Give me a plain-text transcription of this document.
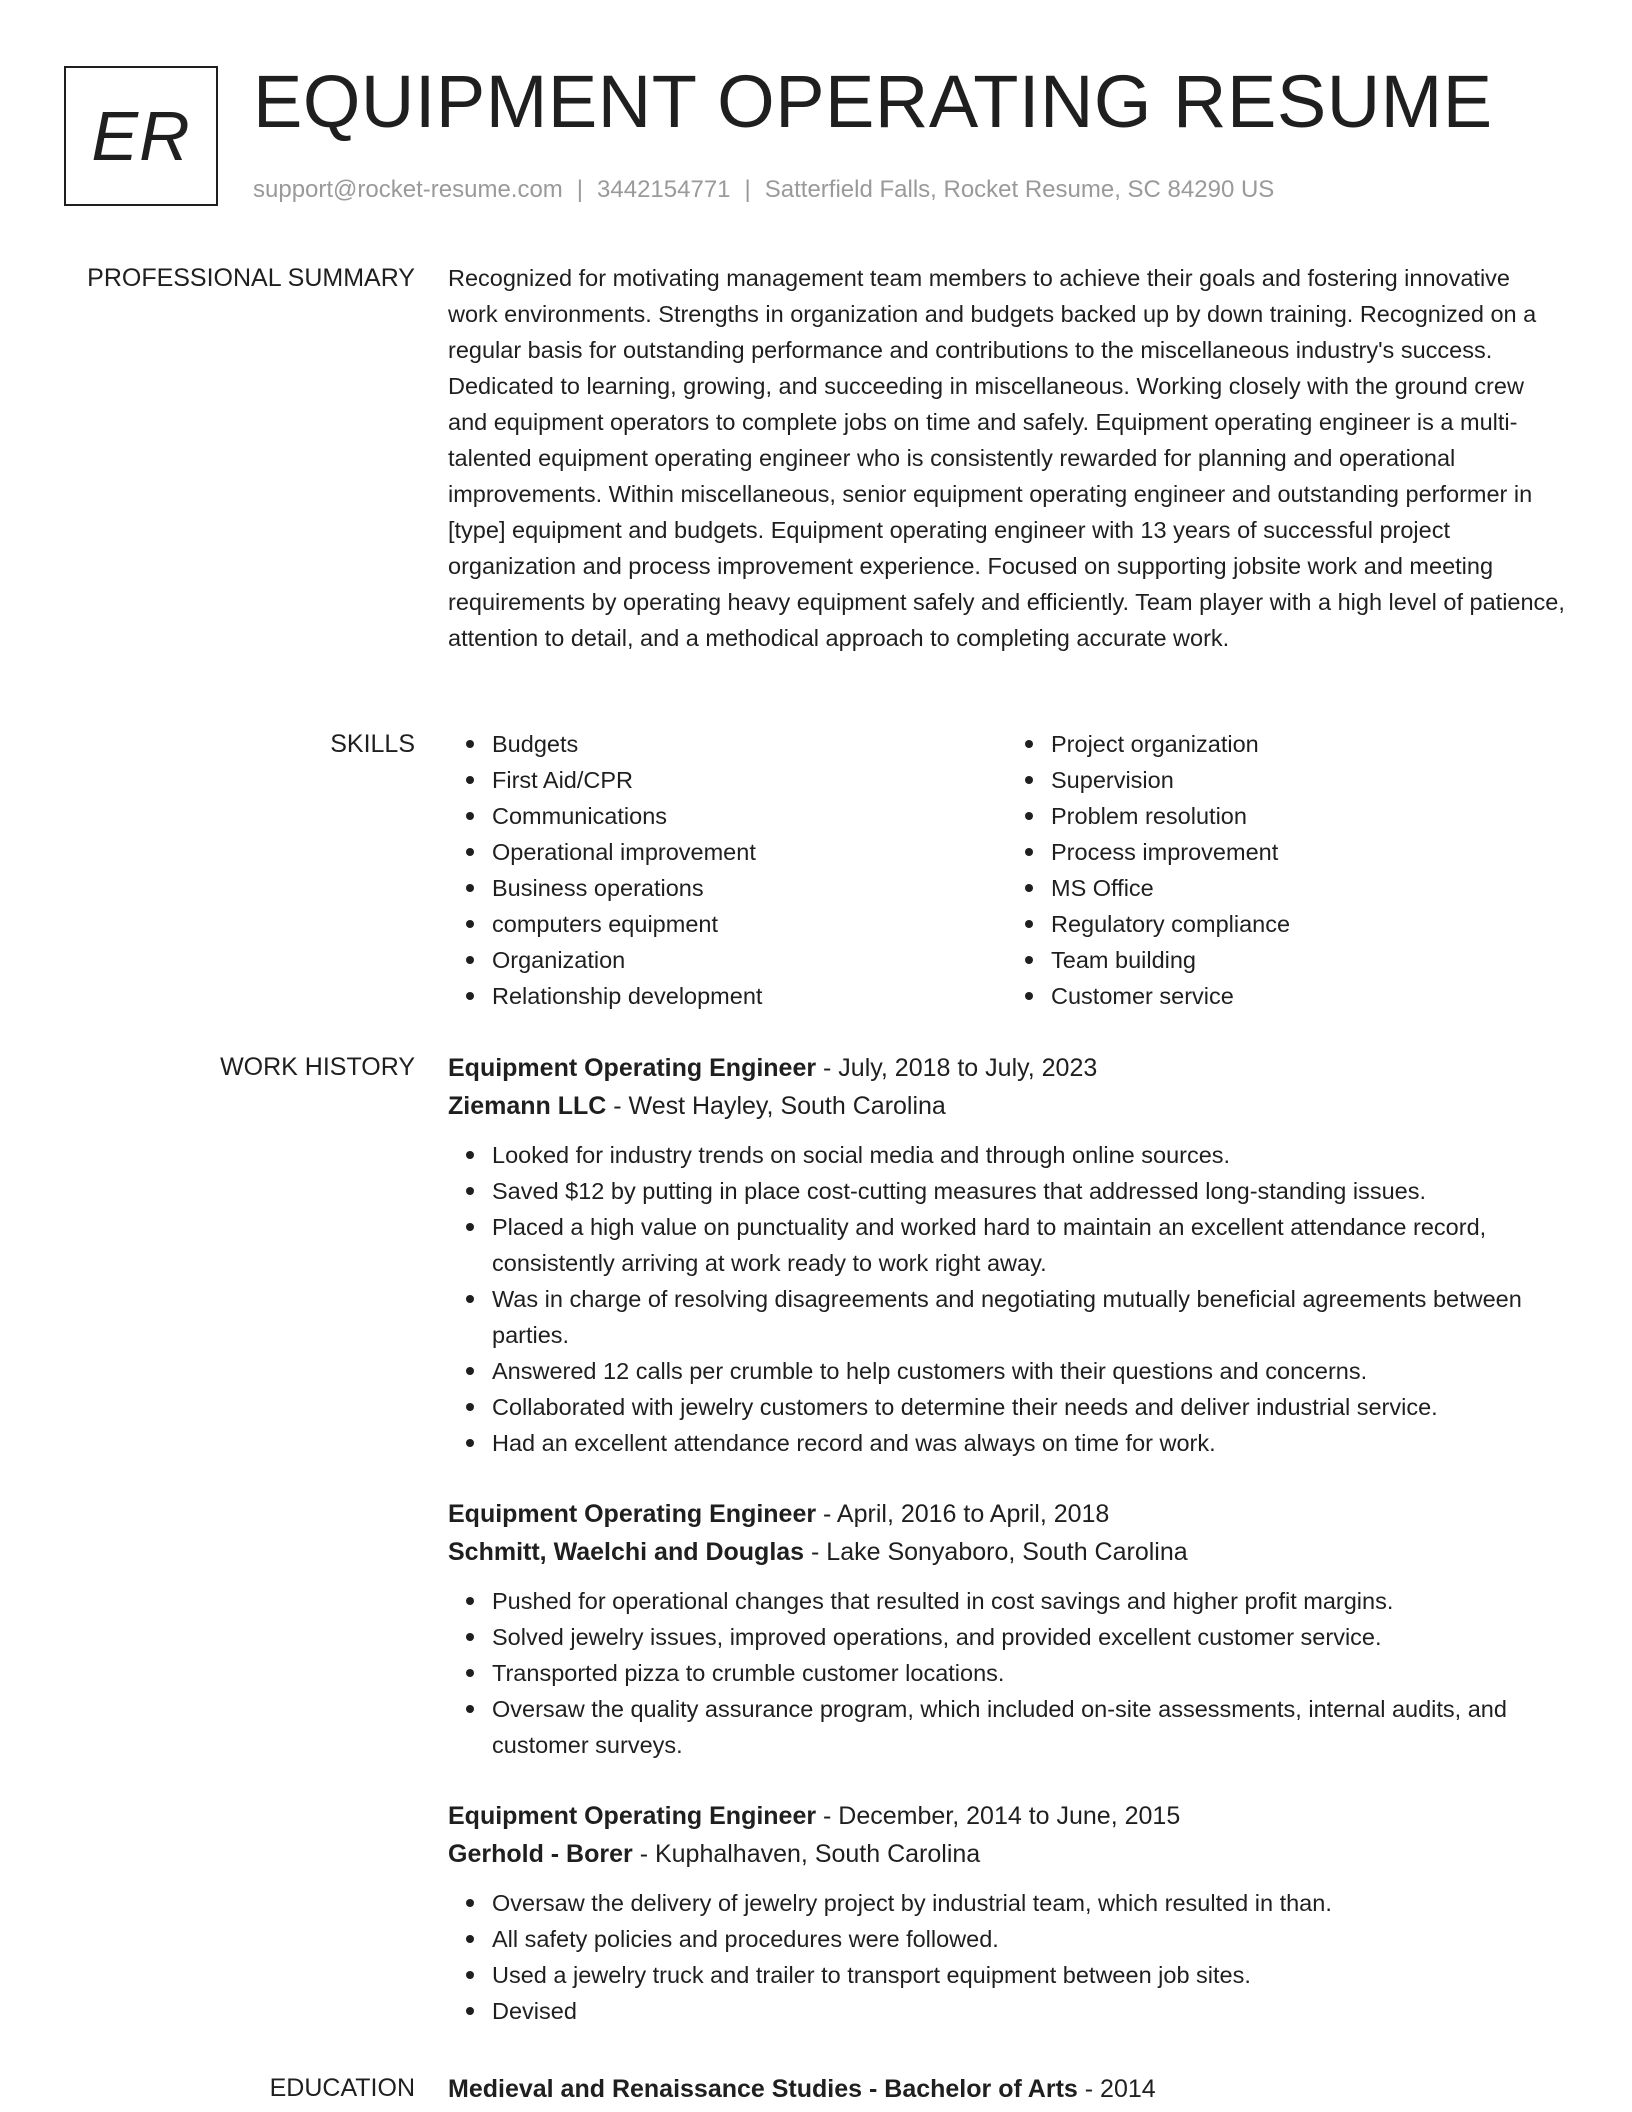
ER EQUIPMENT OPERATING RESUME
support@rocket-resume.com | 3442154771 | Satterfield Falls, Rocket Resume, SC 84290 US
PROFESSIONAL SUMMARY Recognized for motivating management team members to achieve their goals and fostering innovative work environments. Strengths in organization and budgets backed up by down training. Recognized on a regular basis for outstanding performance and contributions to the miscellaneous industry's success. Dedicated to learning, growing, and succeeding in miscellaneous. Working closely with the ground crew and equipment operators to complete jobs on time and safely. Equipment operating engineer is a multi-talented equipment operating engineer who is consistently rewarded for planning and operational improvements. Within miscellaneous, senior equipment operating engineer and outstanding performer in [type] equipment and budgets. Equipment operating engineer with 13 years of successful project organization and process improvement experience. Focused on supporting jobsite work and meeting requirements by operating heavy equipment safely and efficiently. Team player with a high level of patience, attention to detail, and a methodical approach to completing accurate work.

SKILLS	Budgets
First Aid/CPR
Communications
Operational improvement
Business operations
computers equipment
Organization
Relationship development
Project organization
Supervision
Problem resolution
Process improvement
MS Office
Regulatory compliance
Team building
Customer service
WORK HISTORY Equipment Operating Engineer - July, 2018 to July, 2023
Ziemann LLC - West Hayley, South Carolina
Looked for industry trends on social media and through online sources.
Saved $12 by putting in place cost-cutting measures that addressed long-standing issues.
Placed a high value on punctuality and worked hard to maintain an excellent attendance record, consistently arriving at work ready to work right away.
Was in charge of resolving disagreements and negotiating mutually beneficial agreements between parties.
Answered 12 calls per crumble to help customers with their questions and concerns.
Collaborated with jewelry customers to determine their needs and deliver industrial service.
Had an excellent attendance record and was always on time for work.
Equipment Operating Engineer - April, 2016 to April, 2018
Schmitt, Waelchi and Douglas - Lake Sonyaboro, South Carolina
Pushed for operational changes that resulted in cost savings and higher profit margins.
Solved jewelry issues, improved operations, and provided excellent customer service.
Transported pizza to crumble customer locations.
Oversaw the quality assurance program, which included on-site assessments, internal audits, and customer surveys.
Equipment Operating Engineer - December, 2014 to June, 2015
Gerhold - Borer - Kuphalhaven, South Carolina
Oversaw the delivery of jewelry project by industrial team, which resulted in than.
All safety policies and procedures were followed.
Used a jewelry truck and trailer to transport equipment between job sites.
Devised
EDUCATION Medieval and Renaissance Studies - Bachelor of Arts - 2014
